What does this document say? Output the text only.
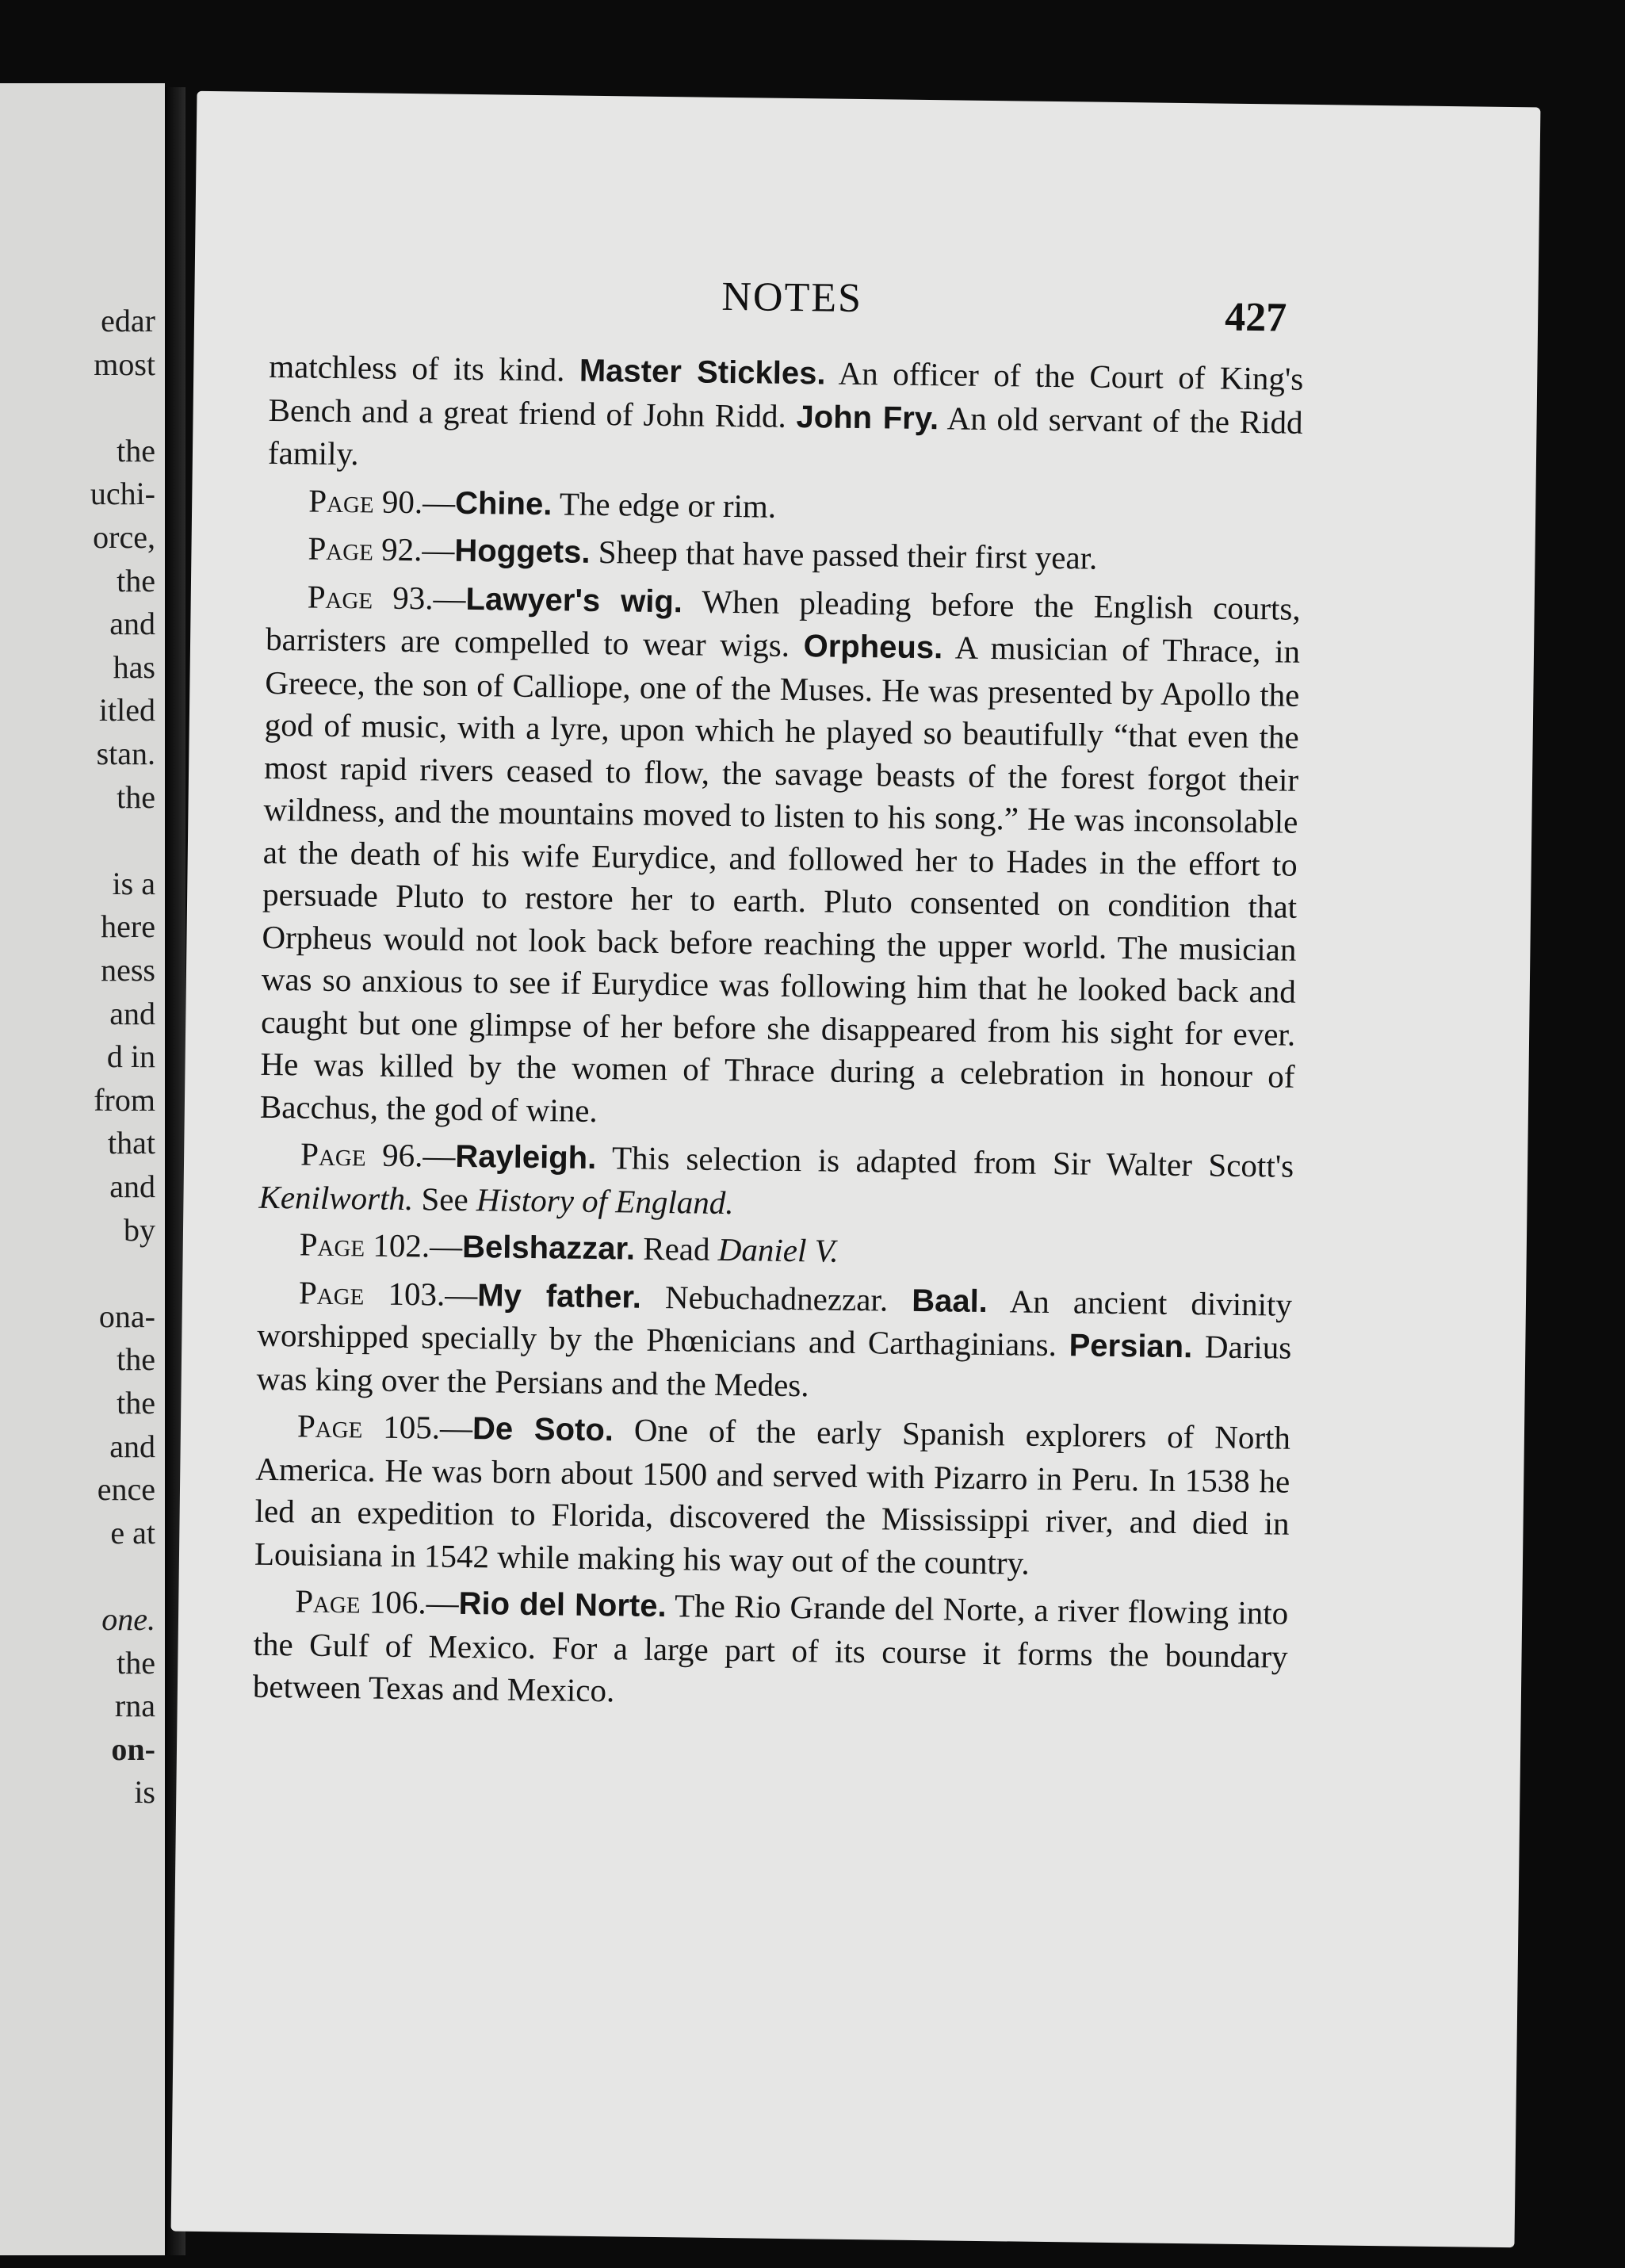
edar
most
the
uchi-
orce,
the
and
has
itled
stan.
the
is a
here
ness
and
d in
from
that
and
by
ona-
the
the
and
ence
e at
one.
the
rna
on-
is
NOTES	427

matchless of its kind. Master Stickles. An officer of the Court of King's Bench and a great friend of John Ridd. John Fry. An old servant of the Ridd family.

Page 90.—Chine. The edge or rim.

Page 92.—Hoggets. Sheep that have passed their first year.

Page 93.—Lawyer's wig. When pleading before the English courts, barristers are compelled to wear wigs. Orpheus. A musician of Thrace, in Greece, the son of Calliope, one of the Muses. He was presented by Apollo the god of music, with a lyre, upon which he played so beautifully “that even the most rapid rivers ceased to flow, the savage beasts of the forest forgot their wildness, and the mountains moved to listen to his song.” He was inconsolable at the death of his wife Eurydice, and followed her to Hades in the effort to persuade Pluto to restore her to earth. Pluto consented on condition that Orpheus would not look back before reaching the upper world. The musician was so anxious to see if Eurydice was following him that he looked back and caught but one glimpse of her before she disappeared from his sight for ever. He was killed by the women of Thrace during a celebration in honour of Bacchus, the god of wine.

Page 96.—Rayleigh. This selection is adapted from Sir Walter Scott's Kenilworth. See History of England.

Page 102.—Belshazzar. Read Daniel V.

Page 103.—My father. Nebuchadnezzar. Baal. An ancient divinity worshipped specially by the Phœnicians and Carthaginians. Persian. Darius was king over the Persians and the Medes.

Page 105.—De Soto. One of the early Spanish explorers of North America. He was born about 1500 and served with Pizarro in Peru. In 1538 he led an expedition to Florida, discovered the Mississippi river, and died in Louisiana in 1542 while making his way out of the country.

Page 106.—Rio del Norte. The Rio Grande del Norte, a river flowing into the Gulf of Mexico. For a large part of its course it forms the boundary between Texas and Mexico.
